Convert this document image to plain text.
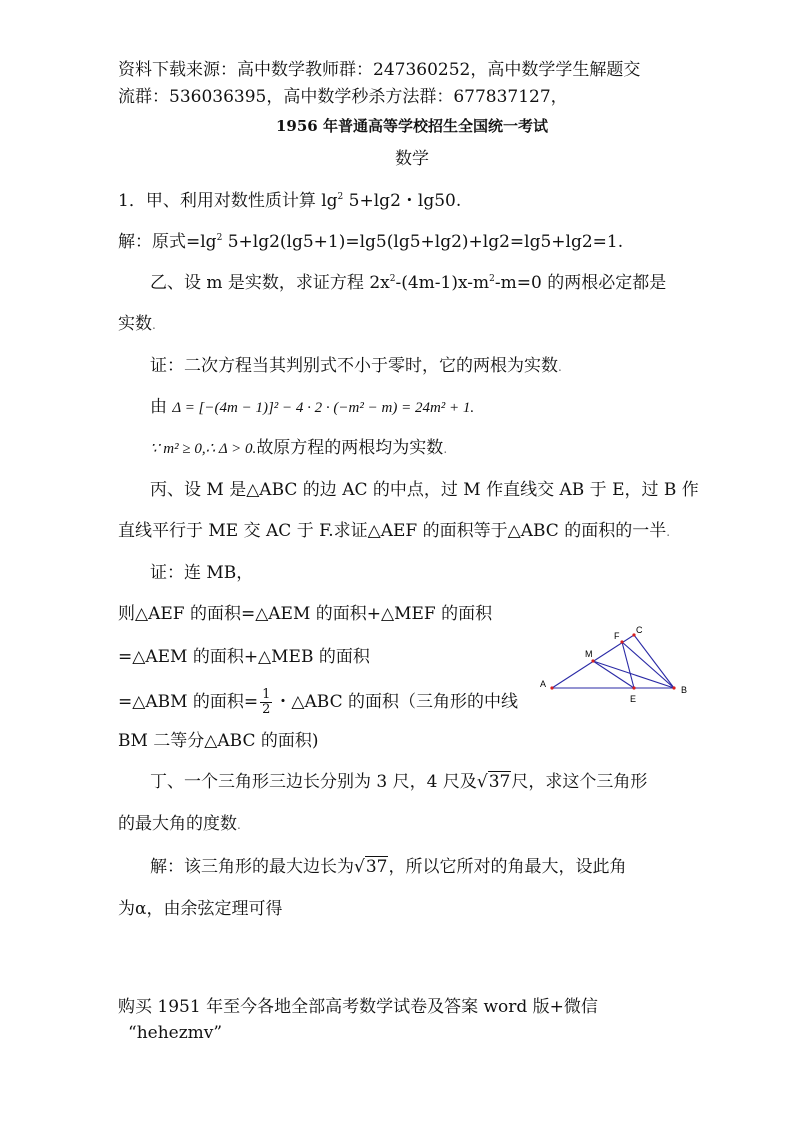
资料下载来源：高中数学教师群：247360252，高中数学学生解题交
流群：536036395，高中数学秒杀方法群：677837127，
1956 年普通高等学校招生全国统一考试
数学
1．甲、利用对数性质计算 $\lg^2 5+\lg 2$・lg50.
解：原式$=\lg^2$ 5+lg2(lg5+1)=lg5(lg5+lg2)+lg2=lg5+lg2=1.
乙、设 m 是实数，求证方程 $2x^2-(4m-1)x-m^2-m=0$ 的两根必定都是
实数.
证：二次方程当其判别式不小于零时，它的两根为实数.
由 Δ = [−(4m − 1)]² − 4 · 2 · (−m² − m) = 24m² + 1.
∵ m² ≥ 0,∴ Δ > 0.故原方程的两根均为实数.
丙、设 M 是△ABC 的边 AC 的中点，过 M 作直线交 AB 于 E，过 B 作
直线平行于 ME 交 AC 于 F.求证△AEF 的面积等于△ABC 的面积的一半.
证：连 MB，
则△AEF 的面积=△AEM 的面积+△MEF 的面积
=△AEM 的面积+△MEB 的面积
=△ABM 的面积= $\frac{1}{2}$ ・△ABC 的面积（三角形的中线
BM 二等分△ABC 的面积)
A
B
C
M
E
F
丁、一个三角形三边长分别为 3 尺，4 尺及√37尺，求这个三角形
的最大角的度数.
解：该三角形的最大边长为√37，所以它所对的角最大，设此角
为α，由余弦定理可得
购买 1951 年至今各地全部高考数学试卷及答案 word 版+微信
“hehezmv”
